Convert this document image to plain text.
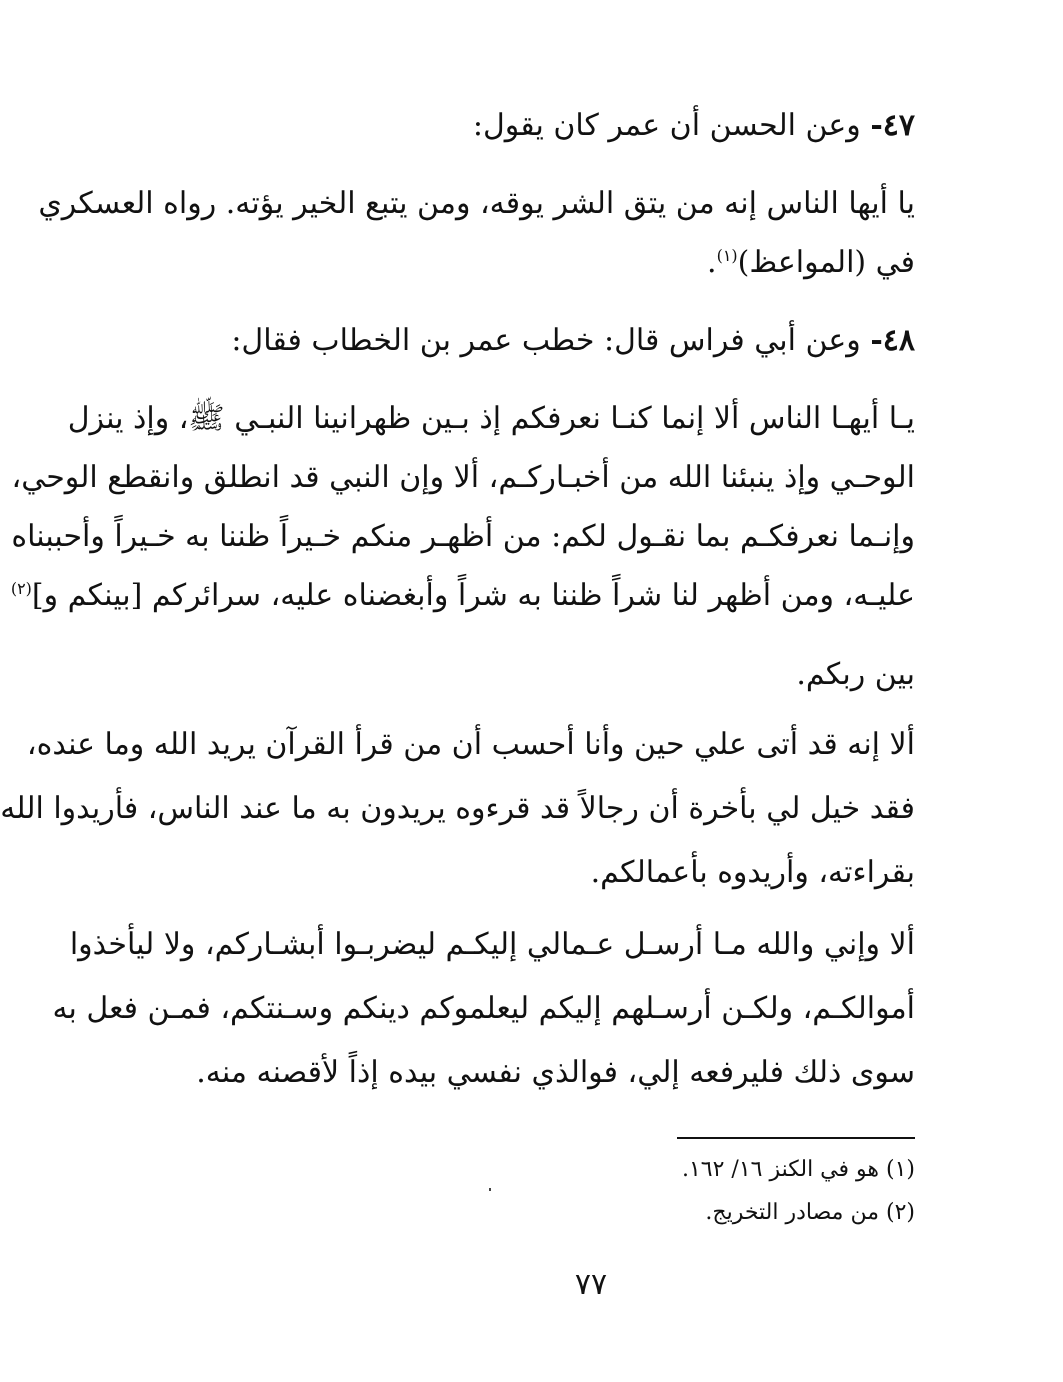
٤٧- وعن الحسن أن عمر كان يقول:
يا أيها الناس إنه من يتق الشر يوقه، ومن يتبع الخير يؤته. رواه العسكري
في (المواعظ)$^{(١)}$.
٤٨- وعن أبي فراس قال: خطب عمر بن الخطاب فقال:
يـا أيهـا الناس ألا إنما كنـا نعرفكم إذ بـين ظهرانينا النبـي ﷺ، وإذ ينزل
الوحـي وإذ ينبئنا الله من أخبـاركـم، ألا وإن النبي قد انطلق وانقطع الوحي،
وإنـما نعرفكـم بما نقـول لكم: من أظهـر منكم خـيراً ظننا به خـيراً وأحببناه
عليـه، ومن أظهر لنا شراً ظننا به شراً وأبغضناه عليه، سرائركم [بينكم و]$^{(٢)}$
بين ربكم.
ألا إنه قد أتى علي حين وأنا أحسب أن من قرأ القرآن يريد الله وما عنده،
فقد خيل لي بأخرة أن رجالاً قد قرءوه يريدون به ما عند الناس، فأريدوا الله
بقراءته، وأريدوه بأعمالكم.
ألا وإني والله مـا أرسـل عـمالي إليكـم ليضربـوا أبشـاركم، ولا ليأخذوا
أموالكـم، ولكـن أرسـلهم إليكم ليعلموكم دينكم وسـنتكم، فمـن فعل به
سوى ذلك فليرفعه إلي، فوالذي نفسي بيده إذاً لأقصنه منه.
(١) هو في الكنز ١٦/ ١٦٢.
(٢) من مصادر التخريج.
٧٧
